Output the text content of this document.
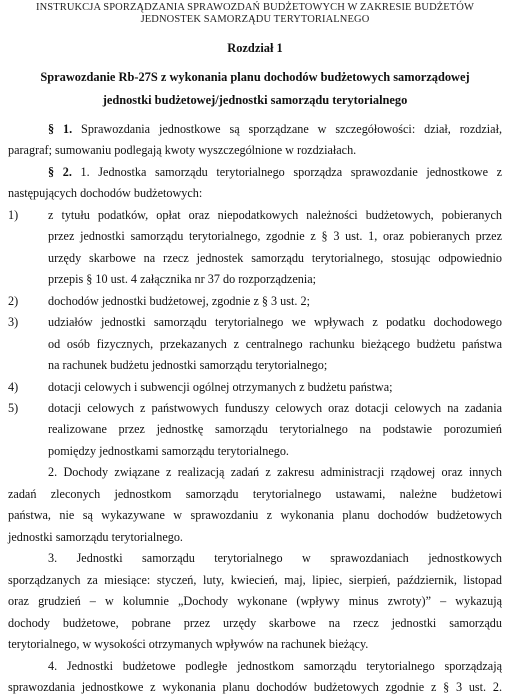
INSTRUKCJA SPORZĄDZANIA SPRAWOZDAŃ BUDŻETOWYCH W ZAKRESIE BUDŻETÓW
JEDNOSTEK SAMORZĄDU TERYTORIALNEGO
Rozdział 1
Sprawozdanie Rb-27S z wykonania planu dochodów budżetowych samorządowej
jednostki budżetowej/jednostki samorządu terytorialnego
§ 1. Sprawozdania jednostkowe są sporządzane w szczegółowości: dział, rozdział,
paragraf; sumowaniu podlegają kwoty wyszczególnione w rozdziałach.
§ 2. 1. Jednostka samorządu terytorialnego sporządza sprawozdanie jednostkowe z
następujących dochodów budżetowych:
1) z tytułu podatków, opłat oraz niepodatkowych należności budżetowych, pobieranych
przez jednostki samorządu terytorialnego, zgodnie z § 3 ust. 1, oraz pobieranych przez
urzędy skarbowe na rzecz jednostek samorządu terytorialnego, stosując odpowiednio
przepis § 10 ust. 4 załącznika nr 37 do rozporządzenia;
2) dochodów jednostki budżetowej, zgodnie z § 3 ust. 2;
3) udziałów jednostki samorządu terytorialnego we wpływach z podatku dochodowego
od osób fizycznych, przekazanych z centralnego rachunku bieżącego budżetu państwa
na rachunek budżetu jednostki samorządu terytorialnego;
4) dotacji celowych i subwencji ogólnej otrzymanych z budżetu państwa;
5) dotacji celowych z państwowych funduszy celowych oraz dotacji celowych na zadania
realizowane przez jednostkę samorządu terytorialnego na podstawie porozumień
pomiędzy jednostkami samorządu terytorialnego.
2. Dochody związane z realizacją zadań z zakresu administracji rządowej oraz innych
zadań zleconych jednostkom samorządu terytorialnego ustawami, należne budżetowi
państwa, nie są wykazywane w sprawozdaniu z wykonania planu dochodów budżetowych
jednostki samorządu terytorialnego.
3. Jednostki samorządu terytorialnego w sprawozdaniach jednostkowych
sporządzanych za miesiące: styczeń, luty, kwiecień, maj, lipiec, sierpień, październik, listopad
oraz grudzień – w kolumnie „Dochody wykonane (wpływy minus zwroty)” – wykazują
dochody budżetowe, pobrane przez urzędy skarbowe na rzecz jednostki samorządu
terytorialnego, w wysokości otrzymanych wpływów na rachunek bieżący.
4. Jednostki budżetowe podległe jednostkom samorządu terytorialnego sporządzają
sprawozdania jednostkowe z wykonania planu dochodów budżetowych zgodnie z § 3 ust. 2.
